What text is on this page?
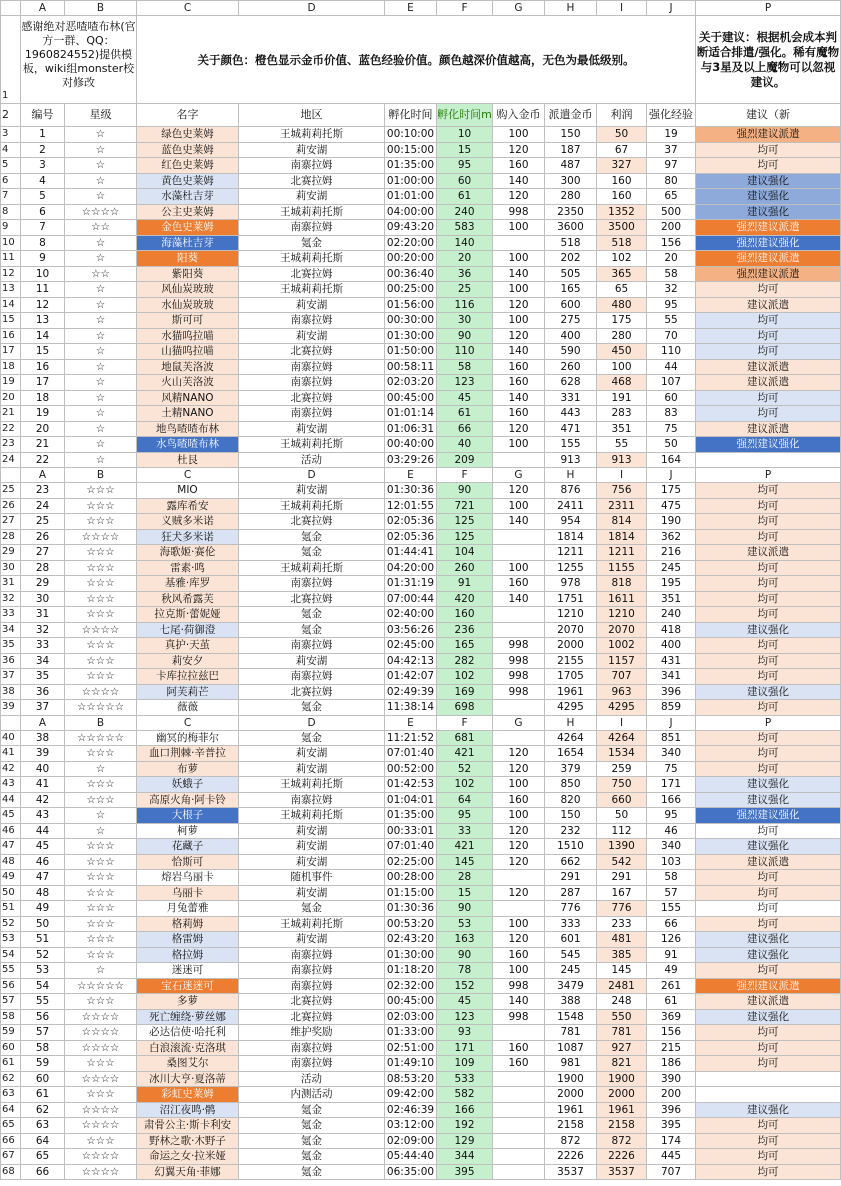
	A	B	C	D	E	F	G	H	I	J	P
1	感谢绝对恶喳喳布林(官方一群、QQ：1960824552)提供模板，wiki组monster校对修改		关于颜色：橙色显示金币价值、蓝色经验价值。颜色越深价值越高，无色为最低级别。								关于建议：根据机会成本判断适合排遣/强化。稀有魔物与3星及以上魔物可以忽视建议。
2	编号	星级	名字	地区	孵化时间	孵化时间m	购入金币	派遣金币	利润	强化经验	建议（新
3	1	☆	绿色史莱姆	王城莉莉托斯	00:10:00	10	100	150	50	19	强烈建议派遣
4	2	☆	蓝色史莱姆	莉安湖	00:15:00	15	120	187	67	37	均可
5	3	☆	红色史莱姆	南寨拉姆	01:35:00	95	160	487	327	97	均可
6	4	☆	黄色史莱姆	北赛拉姆	01:00:00	60	140	300	160	80	建议强化
7	5	☆	水藻杜吉芽	莉安湖	01:01:00	61	120	280	160	65	建议强化
8	6	☆☆☆☆	公主史莱姆	王城莉莉托斯	04:00:00	240	998	2350	1352	500	建议强化
9	7	☆☆	金色史莱姆	南寨拉姆	09:43:20	583	100	3600	3500	200	强烈建议派遣
10	8	☆	海藻杜吉芽	氪金	02:20:00	140		518	518	156	强烈建议强化
11	9	☆	阳葵	王城莉莉托斯	00:20:00	20	100	202	102	20	强烈建议派遣
12	10	☆☆	紫阳葵	北赛拉姆	00:36:40	36	140	505	365	58	强烈建议派遣
13	11	☆	风仙炭玻玻	王城莉莉托斯	00:25:00	25	100	165	65	32	均可
14	12	☆	水仙炭玻玻	莉安湖	01:56:00	116	120	600	480	95	建议派遣
15	13	☆	斯可可	南寨拉姆	00:30:00	30	100	275	175	55	均可
16	14	☆	水猫呜拉喵	莉安湖	01:30:00	90	120	400	280	70	均可
17	15	☆	山猫呜拉喵	北赛拉姆	01:50:00	110	140	590	450	110	均可
18	16	☆	地鼠芙洛波	南寨拉姆	00:58:11	58	160	260	100	44	建议派遣
19	17	☆	火山芙洛波	南寨拉姆	02:03:20	123	160	628	468	107	建议派遣
20	18	☆	风精NANO	北赛拉姆	00:45:00	45	140	331	191	60	均可
21	19	☆	土精NANO	南寨拉姆	01:01:14	61	160	443	283	83	均可
22	20	☆	地鸟喳喳布林	莉安湖	01:06:31	66	120	471	351	75	建议派遣
23	21	☆	水鸟喳喳布林	王城莉莉托斯	00:40:00	40	100	155	55	50	强烈建议强化
24	22	☆	杜艮	活动	03:29:26	209		913	913	164	
	A	B	C	D	E	F	G	H	I	J	P
25	23	☆☆☆	MIO	莉安湖	01:30:36	90	120	876	756	175	均可
26	24	☆☆☆	露库希安	王城莉莉托斯	12:01:55	721	100	2411	2311	475	均可
27	25	☆☆☆	义贼多米诺	北赛拉姆	02:05:36	125	140	954	814	190	均可
28	26	☆☆☆☆	狂犬多米诺	氪金	02:05:36	125		1814	1814	362	均可
29	27	☆☆☆	海歌姬·赛伦	氪金	01:44:41	104		1211	1211	216	建议派遣
30	28	☆☆☆	雷素·鸣	王城莉莉托斯	04:20:00	260	100	1255	1155	245	均可
31	29	☆☆☆	基雅·库罗	南寨拉姆	01:31:19	91	160	978	818	195	均可
32	30	☆☆☆	秋风希露芙	北赛拉姆	07:00:44	420	140	1751	1611	351	均可
33	31	☆☆☆	拉克斯·蕾妮娅	氪金	02:40:00	160		1210	1210	240	均可
34	32	☆☆☆☆	七尾·荷御澄	氪金	03:56:26	236		2070	2070	418	建议强化
35	33	☆☆☆	真护·天茧	南寨拉姆	02:45:00	165	998	2000	1002	400	均可
36	34	☆☆☆	莉安夕	莉安湖	04:42:13	282	998	2155	1157	431	均可
37	35	☆☆☆	卡库拉拉兹巴	南寨拉姆	01:42:07	102	998	1705	707	341	均可
38	36	☆☆☆☆	阿芙莉芒	北赛拉姆	02:49:39	169	998	1961	963	396	建议强化
39	37	☆☆☆☆☆	薇薇	氪金	11:38:14	698		4295	4295	859	均可
	A	B	C	D	E	F	G	H	I	J	P
40	38	☆☆☆☆☆	幽冥的梅菲尔	氪金	11:21:52	681		4264	4264	851	均可
41	39	☆☆☆	血口荆棘·辛普拉	莉安湖	07:01:40	421	120	1654	1534	340	均可
42	40	☆	布萝	莉安湖	00:52:00	52	120	379	259	75	均可
43	41	☆☆☆	妖蛾子	王城莉莉托斯	01:42:53	102	100	850	750	171	建议强化
44	42	☆☆☆	高原火角·阿卡铃	南寨拉姆	01:04:01	64	160	820	660	166	建议强化
45	43	☆	大根子	王城莉莉托斯	01:35:00	95	100	150	50	95	强烈建议强化
46	44	☆	柯萝	莉安湖	00:33:01	33	120	232	112	46	均可
47	45	☆☆☆	花藏子	莉安湖	07:01:40	421	120	1510	1390	340	建议强化
48	46	☆☆☆	恰斯可	莉安湖	02:25:00	145	120	662	542	103	建议派遣
49	47	☆☆☆	熔岩乌丽卡	随机事件	00:28:00	28		291	291	58	均可
50	48	☆☆☆	乌丽卡	莉安湖	01:15:00	15	120	287	167	57	均可
51	49	☆☆☆	月兔蕾雅	氪金	01:30:36	90		776	776	155	均可
52	50	☆☆☆	格莉姆	王城莉莉托斯	00:53:20	53	100	333	233	66	均可
53	51	☆☆☆	格雷姆	莉安湖	02:43:20	163	120	601	481	126	建议强化
54	52	☆☆☆	格拉姆	南寨拉姆	01:30:00	90	160	545	385	91	建议强化
55	53	☆	迷迷可	南寨拉姆	01:18:20	78	100	245	145	49	均可
56	54	☆☆☆☆☆	宝石迷迷可	南寨拉姆	02:32:00	152	998	3479	2481	261	强烈建议派遣
57	55	☆☆☆	多萝	北赛拉姆	00:45:00	45	140	388	248	61	建议派遣
58	56	☆☆☆☆	死亡缠绕·萝丝娜	北赛拉姆	02:03:00	123	998	1548	550	369	建议强化
59	57	☆☆☆☆	必达信使·哈托利	维护奖励	01:33:00	93		781	781	156	均可
60	58	☆☆☆☆	白浪滚流·克洛琪	南寨拉姆	02:51:00	171	160	1087	927	215	均可
61	59	☆☆☆	桑图艾尔	南寨拉姆	01:49:10	109	160	981	821	186	均可
62	60	☆☆☆☆	冰川大亨·夏洛蒂	活动	08:53:20	533		1900	1900	390	
63	61	☆☆☆	彩虹史莱姆	内测活动	09:42:00	582		2000	2000	200	
64	62	☆☆☆☆	沼江夜鸣·鹘	氪金	02:46:39	166		1961	1961	396	建议强化
65	63	☆☆☆☆	肃骨公主·斯卡利安	氪金	03:12:00	192		2158	2158	395	均可
66	64	☆☆☆	野林之歌·木野子	氪金	02:09:00	129		872	872	174	均可
67	65	☆☆☆☆	命运之女·拉米娅	氪金	05:44:40	344		2226	2226	445	均可
68	66	☆☆☆☆	幻翼天角·菲娜	氪金	06:35:00	395		3537	3537	707	均可
